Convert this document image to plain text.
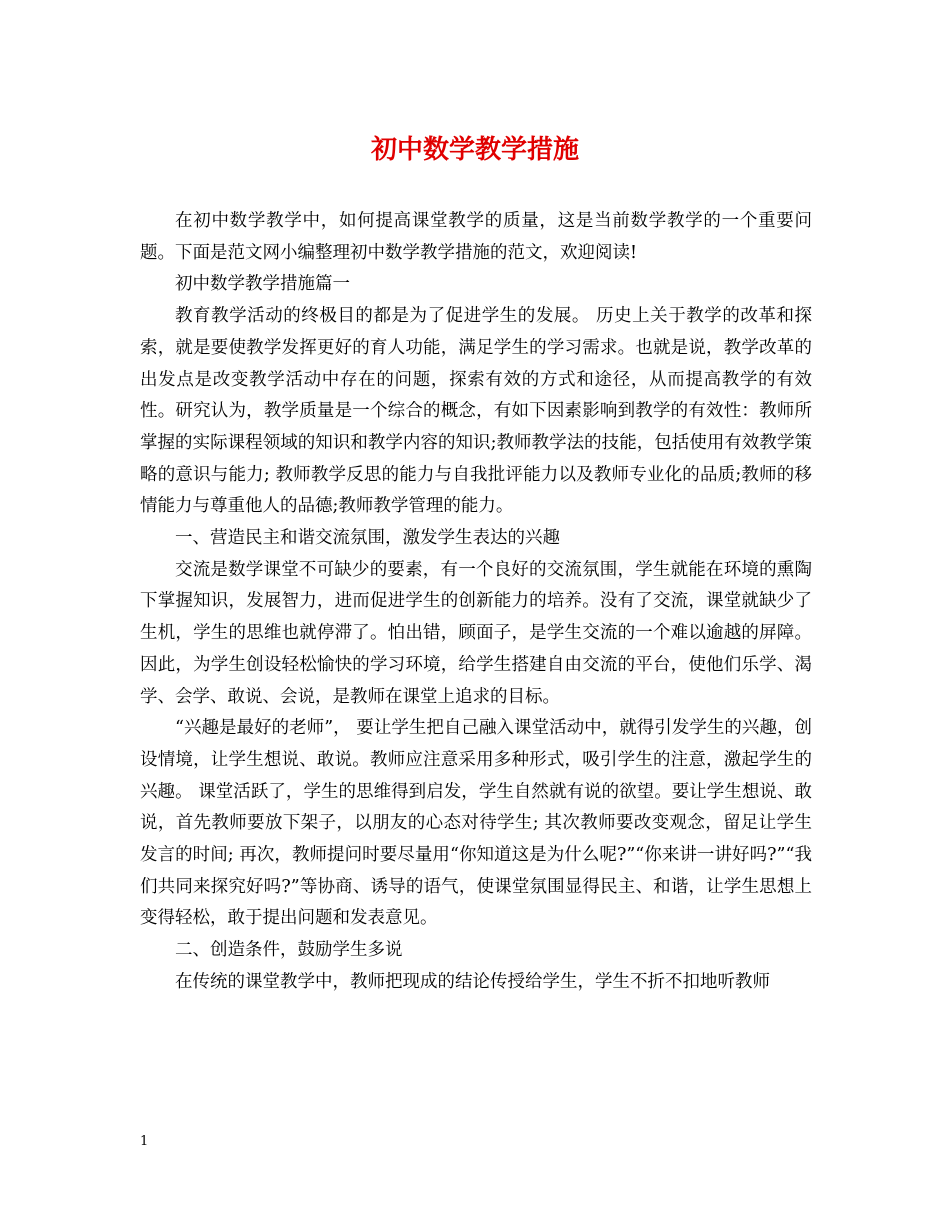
初中数学教学措施

在初中数学教学中，如何提高课堂教学的质量，这是当前数学教学的一个重要问题。下面是范文网小编整理初中数学教学措施的范文，欢迎阅读!

初中数学教学措施篇一

教育教学活动的终极目的都是为了促进学生的发展。 历史上关于教学的改革和探索，就是要使教学发挥更好的育人功能，满足学生的学习需求。也就是说，教学改革的出发点是改变教学活动中存在的问题，探索有效的方式和途径，从而提高教学的有效性。研究认为，教学质量是一个综合的概念，有如下因素影响到教学的有效性：教师所掌握的实际课程领域的知识和教学内容的知识;教师教学法的技能，包括使用有效教学策略的意识与能力; 教师教学反思的能力与自我批评能力以及教师专业化的品质;教师的移情能力与尊重他人的品德;教师教学管理的能力。

一、营造民主和谐交流氛围，激发学生表达的兴趣

交流是数学课堂不可缺少的要素，有一个良好的交流氛围，学生就能在环境的熏陶下掌握知识，发展智力，进而促进学生的创新能力的培养。没有了交流，课堂就缺少了生机，学生的思维也就停滞了。怕出错，顾面子，是学生交流的一个难以逾越的屏障。因此，为学生创设轻松愉快的学习环境，给学生搭建自由交流的平台，使他们乐学、渴学、会学、敢说、会说，是教师在课堂上追求的目标。

“兴趣是最好的老师”， 要让学生把自己融入课堂活动中，就得引发学生的兴趣，创设情境，让学生想说、敢说。教师应注意采用多种形式，吸引学生的注意，激起学生的兴趣。 课堂活跃了，学生的思维得到启发，学生自然就有说的欲望。要让学生想说、敢说，首先教师要放下架子，以朋友的心态对待学生; 其次教师要改变观念，留足让学生发言的时间; 再次，教师提问时要尽量用“你知道这是为什么呢?”“你来讲一讲好吗?”“我们共同来探究好吗?”等协商、诱导的语气，使课堂氛围显得民主、和谐，让学生思想上变得轻松，敢于提出问题和发表意见。

二、创造条件，鼓励学生多说

在传统的课堂教学中，教师把现成的结论传授给学生，学生不折不扣地听教师

1
